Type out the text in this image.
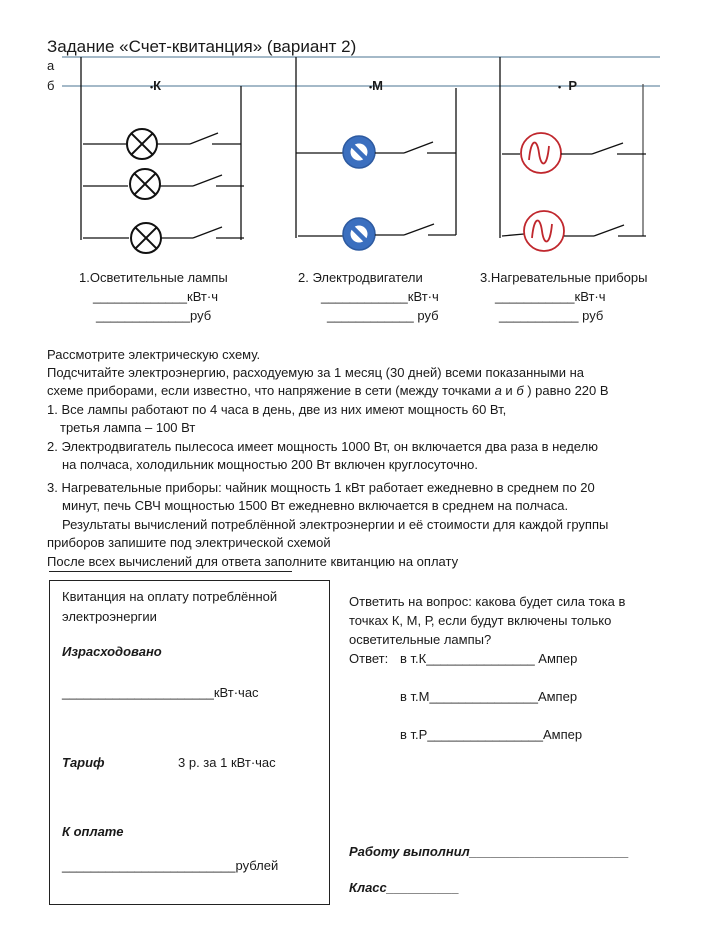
Задание «Счет-квитанция» (вариант 2)
а
б	•К	•М	• Р
1.Осветительные лампы
_____________кВт·ч
_____________руб
2. Электродвигатели
____________кВт·ч
____________ руб
3.Нагревательные приборы
___________кВт·ч
___________ руб
Рассмотрите электрическую схему.
Подсчитайте электроэнергию, расходуемую за 1 месяц (30 дней) всеми показанными на
схеме приборами, если известно, что напряжение в сети (между точками а и б ) равно 220 В
1. Все лампы работают по 4 часа в день, две из них имеют мощность 60 Вт,
третья лампа – 100 Вт
2. Электродвигатель пылесоса имеет мощность 1000 Вт, он включается два раза в неделю
на полчаса, холодильник мощностью 200 Вт включен круглосуточно.
3. Нагревательные приборы: чайник мощность 1 кВт работает ежедневно в среднем по 20
минут, печь СВЧ мощностью 1500 Вт ежедневно включается в среднем на полчаса.
Результаты вычислений потреблённой электроэнергии и её стоимости для каждой группы
приборов запишите под электрической схемой
После всех вычислений для ответа заполните квитанцию на оплату
Квитанция на оплату потреблённой
электроэнергии
Израсходовано
_____________________кВт·час
Тариф	3 р. за 1 кВт·час
К оплате
________________________рублей
Ответить на вопрос: какова будет сила тока в
точках К, М, Р, если будут включены только
осветительные лампы?
Ответ: в т.К_______________ Ампер
в т.М_______________Ампер
в т.Р________________Ампер
Работу выполнил______________________
Класс__________
